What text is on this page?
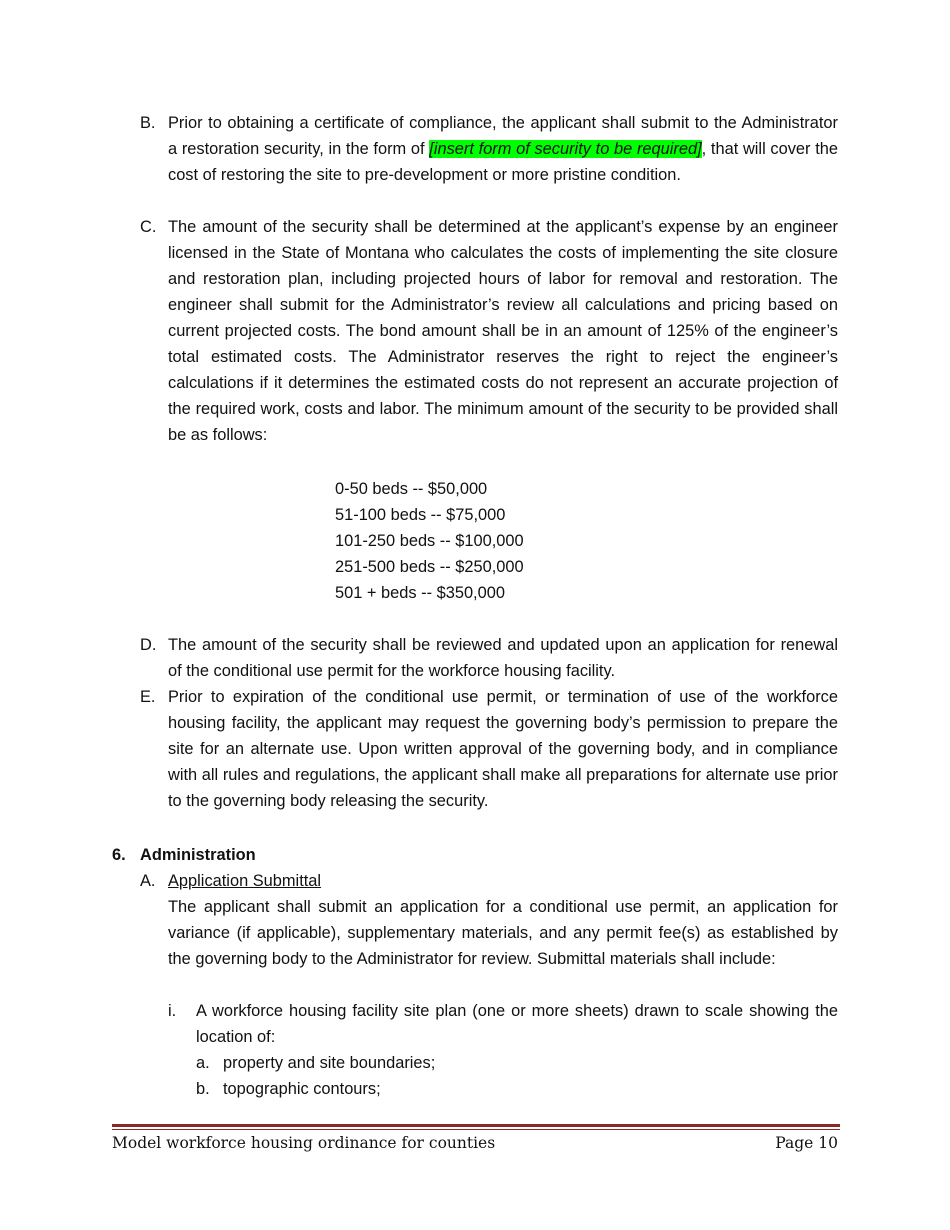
B. Prior to obtaining a certificate of compliance, the applicant shall submit to the Administrator a restoration security, in the form of [insert form of security to be required], that will cover the cost of restoring the site to pre-development or more pristine condition.
C. The amount of the security shall be determined at the applicant’s expense by an engineer licensed in the State of Montana who calculates the costs of implementing the site closure and restoration plan, including projected hours of labor for removal and restoration. The engineer shall submit for the Administrator’s review all calculations and pricing based on current projected costs. The bond amount shall be in an amount of 125% of the engineer’s total estimated costs. The Administrator reserves the right to reject the engineer’s calculations if it determines the estimated costs do not represent an accurate projection of the required work, costs and labor. The minimum amount of the security to be provided shall be as follows:
0-50 beds -- $50,000
51-100 beds -- $75,000
101-250 beds -- $100,000
251-500 beds -- $250,000
501 + beds -- $350,000
D. The amount of the security shall be reviewed and updated upon an application for renewal of the conditional use permit for the workforce housing facility.
E. Prior to expiration of the conditional use permit, or termination of use of the workforce housing facility, the applicant may request the governing body’s permission to prepare the site for an alternate use. Upon written approval of the governing body, and in compliance with all rules and regulations, the applicant shall make all preparations for alternate use prior to the governing body releasing the security.
6. Administration
A. Application Submittal
The applicant shall submit an application for a conditional use permit, an application for variance (if applicable), supplementary materials, and any permit fee(s) as established by the governing body to the Administrator for review. Submittal materials shall include:
i. A workforce housing facility site plan (one or more sheets) drawn to scale showing the location of:
a. property and site boundaries;
b. topographic contours;
Model workforce housing ordinance for counties	Page 10
